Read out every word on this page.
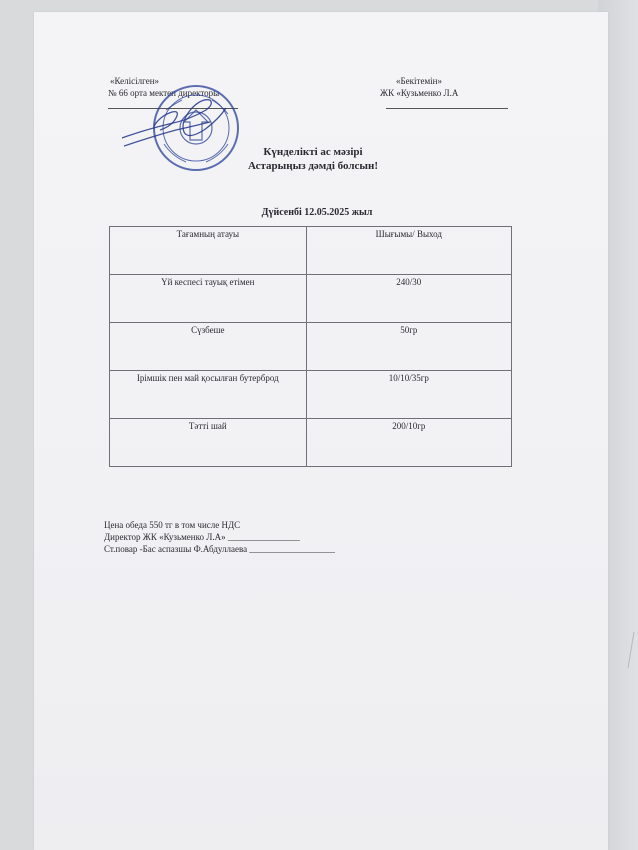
«Келісілген»
№ 66 орта мектеп директоры
«Бекітемін»
ЖК «Кузьменко Л.А
Күнделікті ас мәзірі
Астарыңыз дәмді болсын!
Дүйсенбі 12.05.2025 жыл
Тағамның атауы	Шығымы/ Выход
Үй кеспесі тауық етімен	240/30
Сүзбеше	50гр
Ірімшік пен май қосылған бутерброд	10/10/35гр
Тәтті шай	200/10гр
Цена обеда 550 тг в том числе НДС
Директор ЖК «Кузьменко Л.А» ________________
Ст.повар -Бас аспазшы Ф.Абдуллаева ___________________
